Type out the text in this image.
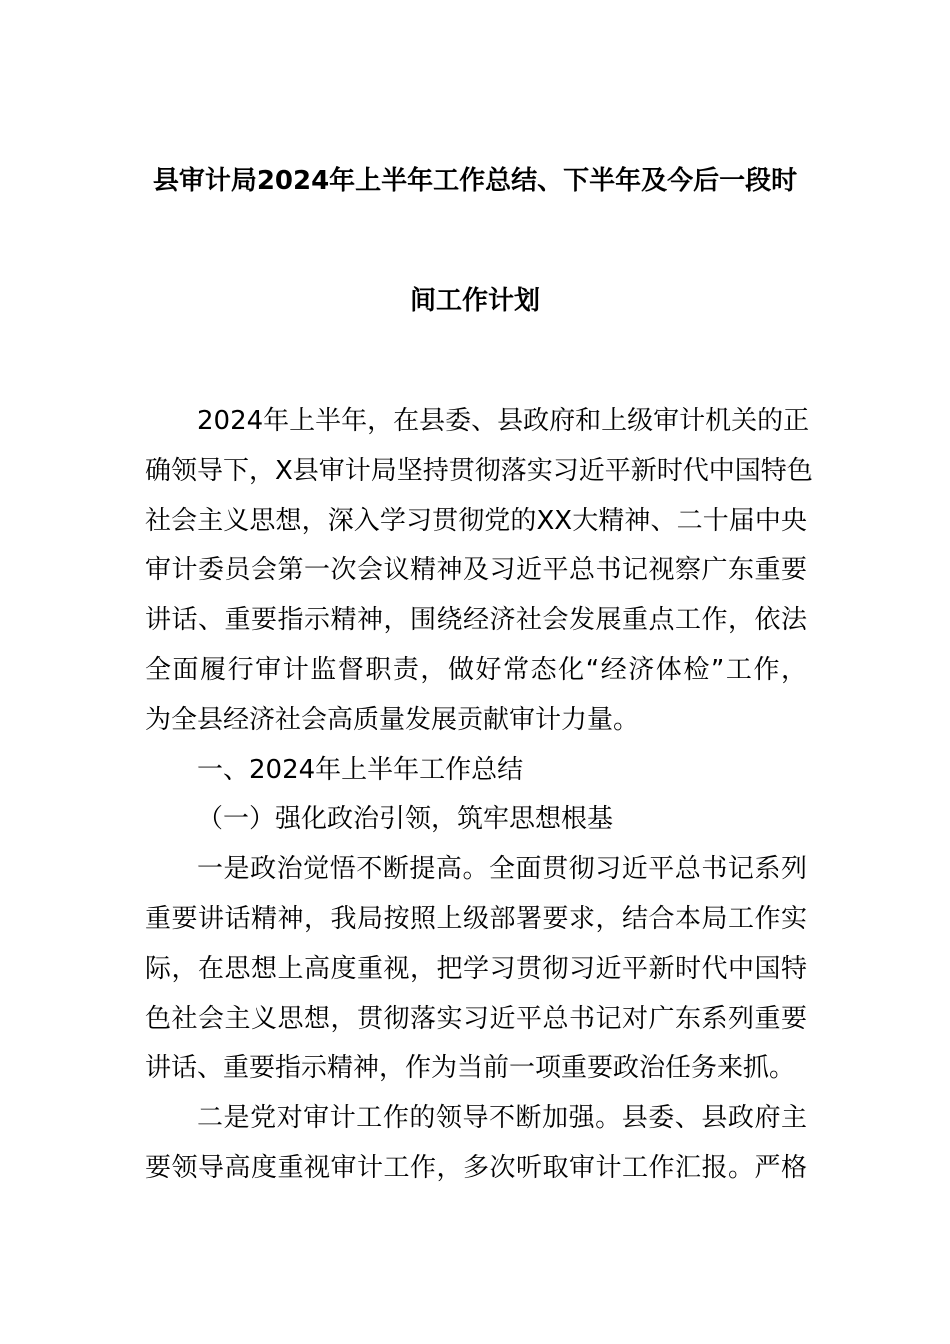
县审计局2024年上半年工作总结、下半年及今后一段时
间工作计划
2024年上半年，在县委、县政府和上级审计机关的正
确领导下，X县审计局坚持贯彻落实习近平新时代中国特色
社会主义思想，深入学习贯彻党的XX大精神、二十届中央
审计委员会第一次会议精神及习近平总书记视察广东重要
讲话、重要指示精神，围绕经济社会发展重点工作，依法
全面履行审计监督职责，做好常态化“经济体检”工作，
为全县经济社会高质量发展贡献审计力量。
一、2024年上半年工作总结
（一）强化政治引领，筑牢思想根基
一是政治觉悟不断提高。全面贯彻习近平总书记系列
重要讲话精神，我局按照上级部署要求，结合本局工作实
际，在思想上高度重视，把学习贯彻习近平新时代中国特
色社会主义思想，贯彻落实习近平总书记对广东系列重要
讲话、重要指示精神，作为当前一项重要政治任务来抓。
二是党对审计工作的领导不断加强。县委、县政府主
要领导高度重视审计工作，多次听取审计工作汇报。严格
